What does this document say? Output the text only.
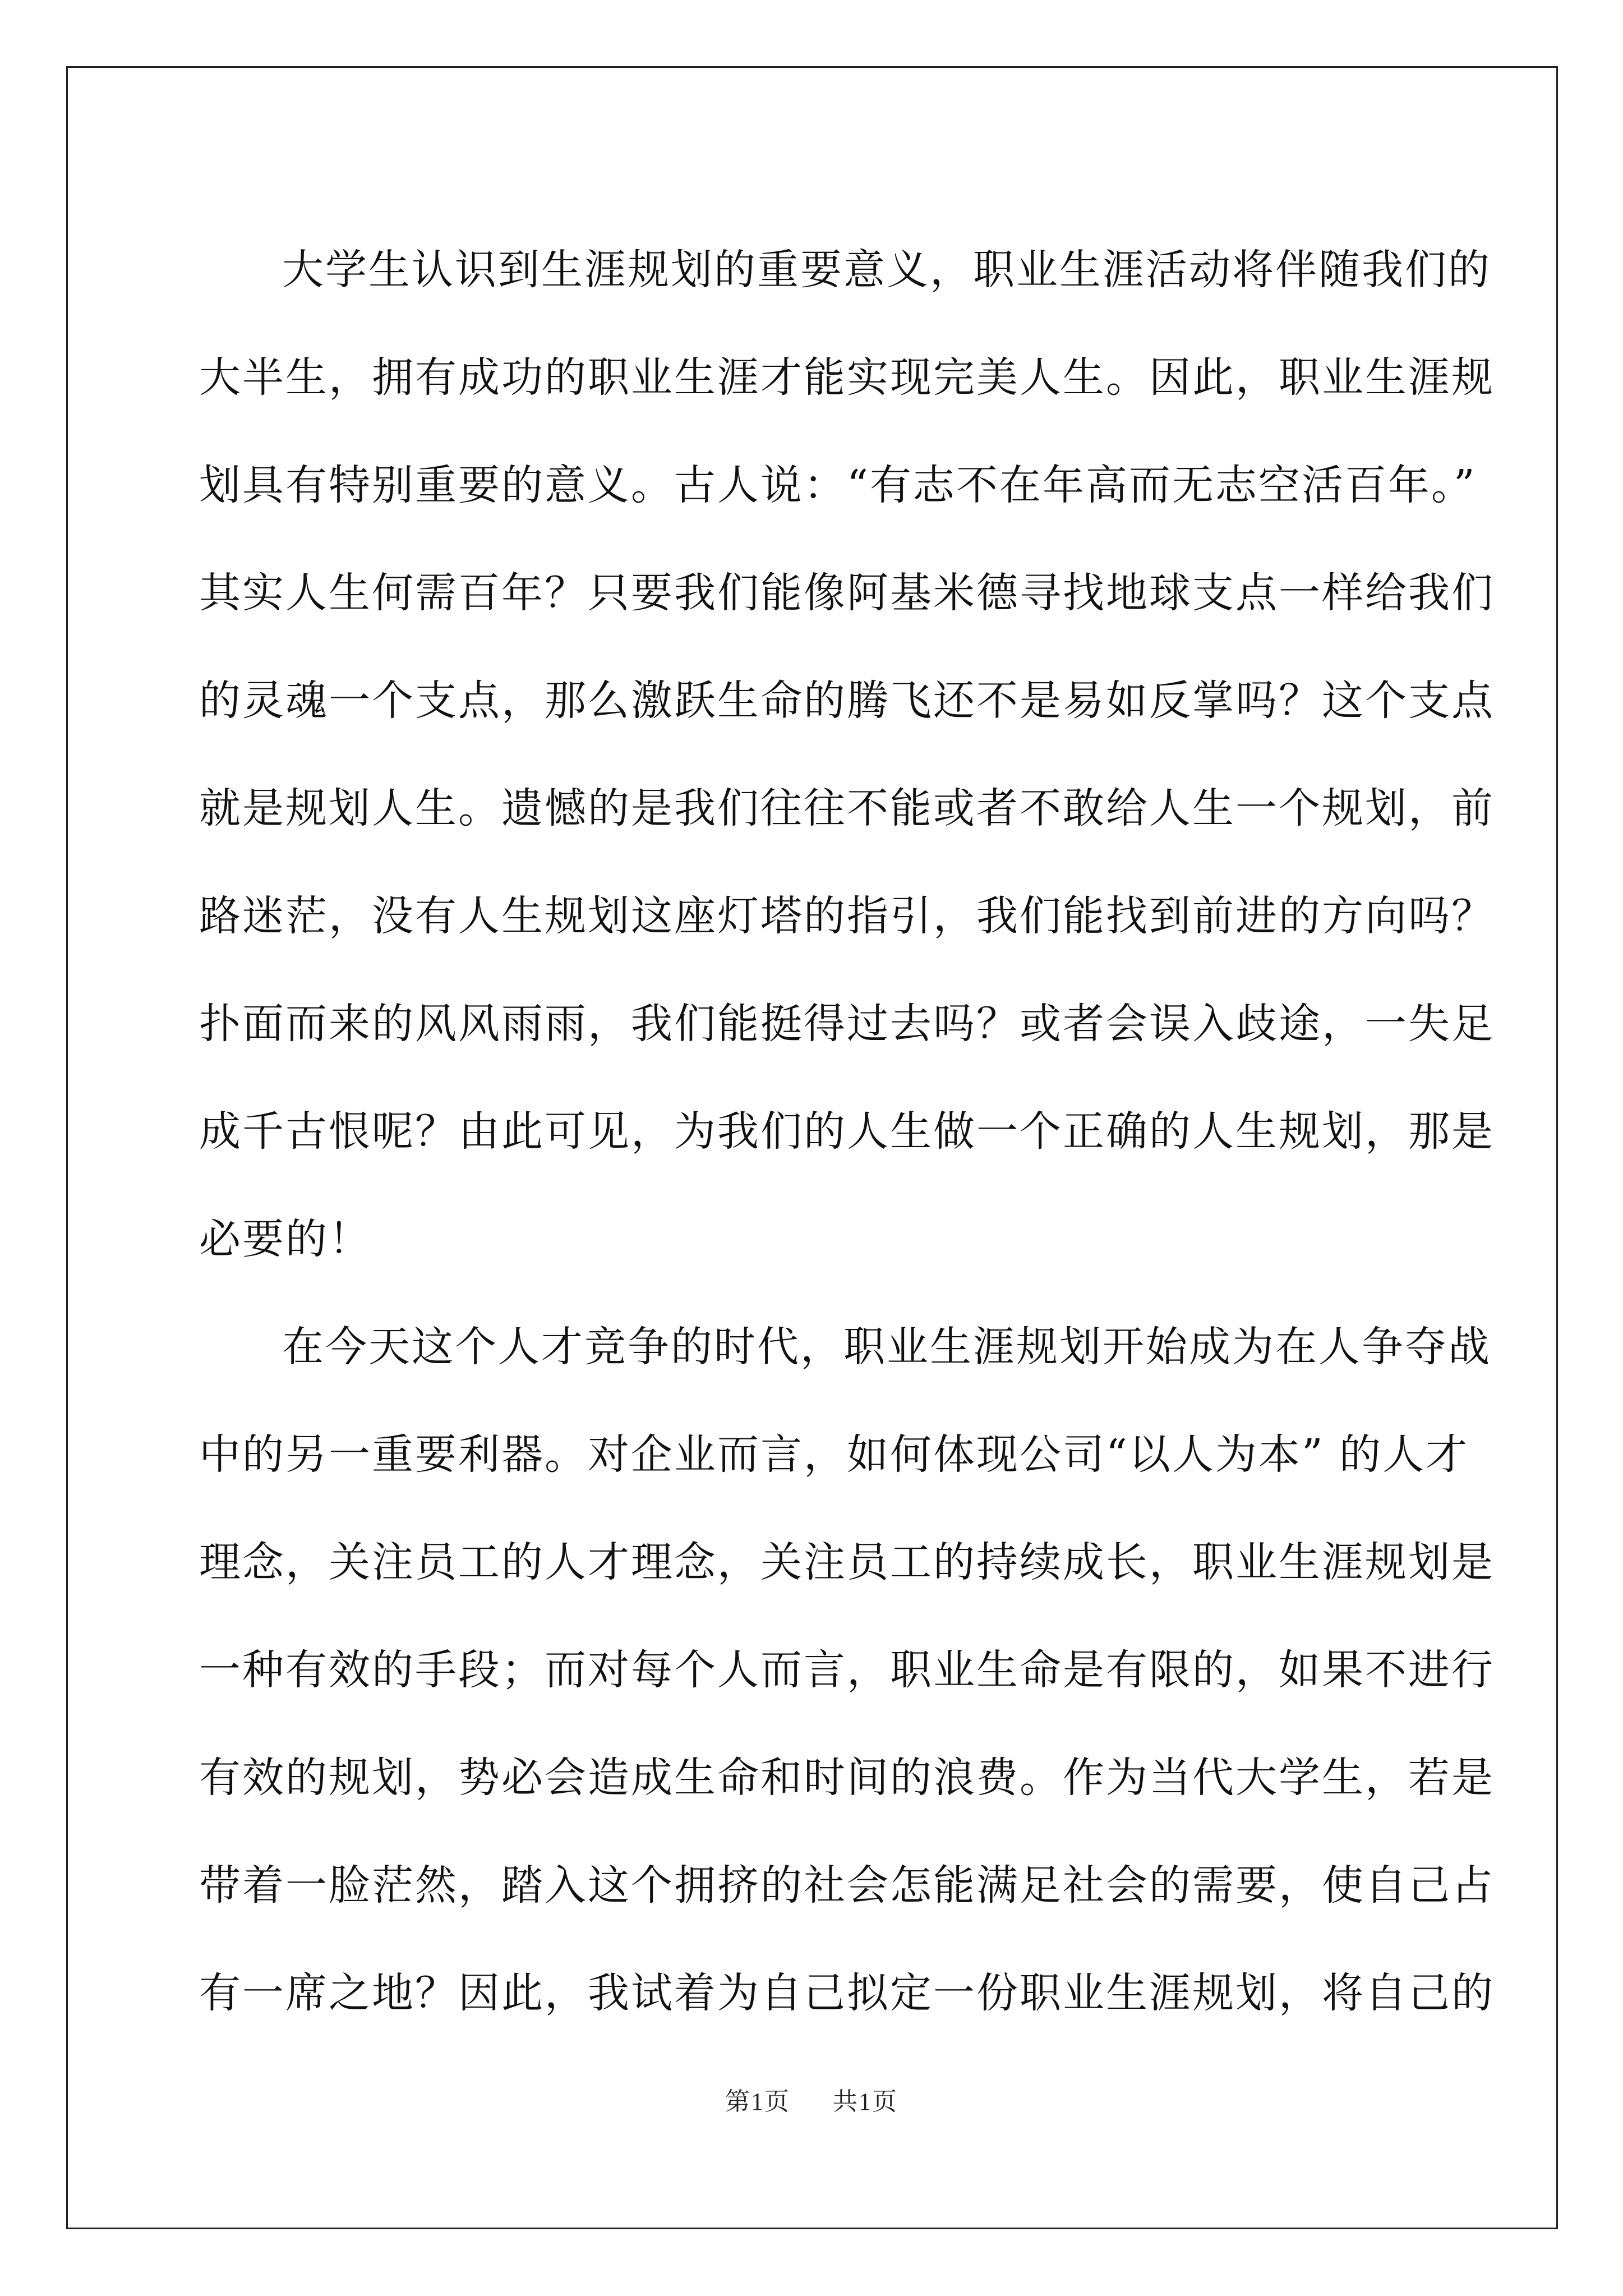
大学生认识到生涯规划的重要意义，职业生涯活动将伴随我们的
大半生，拥有成功的职业生涯才能实现完美人生。因此，职业生涯规
划具有特别重要的意义。古人说：“有志不在年高而无志空活百年。”
其实人生何需百年？只要我们能像阿基米德寻找地球支点一样给我们
的灵魂一个支点，那么激跃生命的腾飞还不是易如反掌吗？这个支点
就是规划人生。遗憾的是我们往往不能或者不敢给人生一个规划，前
路迷茫，没有人生规划这座灯塔的指引，我们能找到前进的方向吗？
扑面而来的风风雨雨，我们能挺得过去吗？或者会误入歧途，一失足
成千古恨呢？由此可见，为我们的人生做一个正确的人生规划，那是
必要的！
在今天这个人才竞争的时代，职业生涯规划开始成为在人争夺战
中的另一重要利器。对企业而言，如何体现公司“以人为本” 的人才
理念，关注员工的人才理念，关注员工的持续成长，职业生涯规划是
一种有效的手段；而对每个人而言，职业生命是有限的，如果不进行
有效的规划，势必会造成生命和时间的浪费。作为当代大学生，若是
带着一脸茫然，踏入这个拥挤的社会怎能满足社会的需要，使自己占
有一席之地？因此，我试着为自己拟定一份职业生涯规划，将自己的
第1页 共1页
